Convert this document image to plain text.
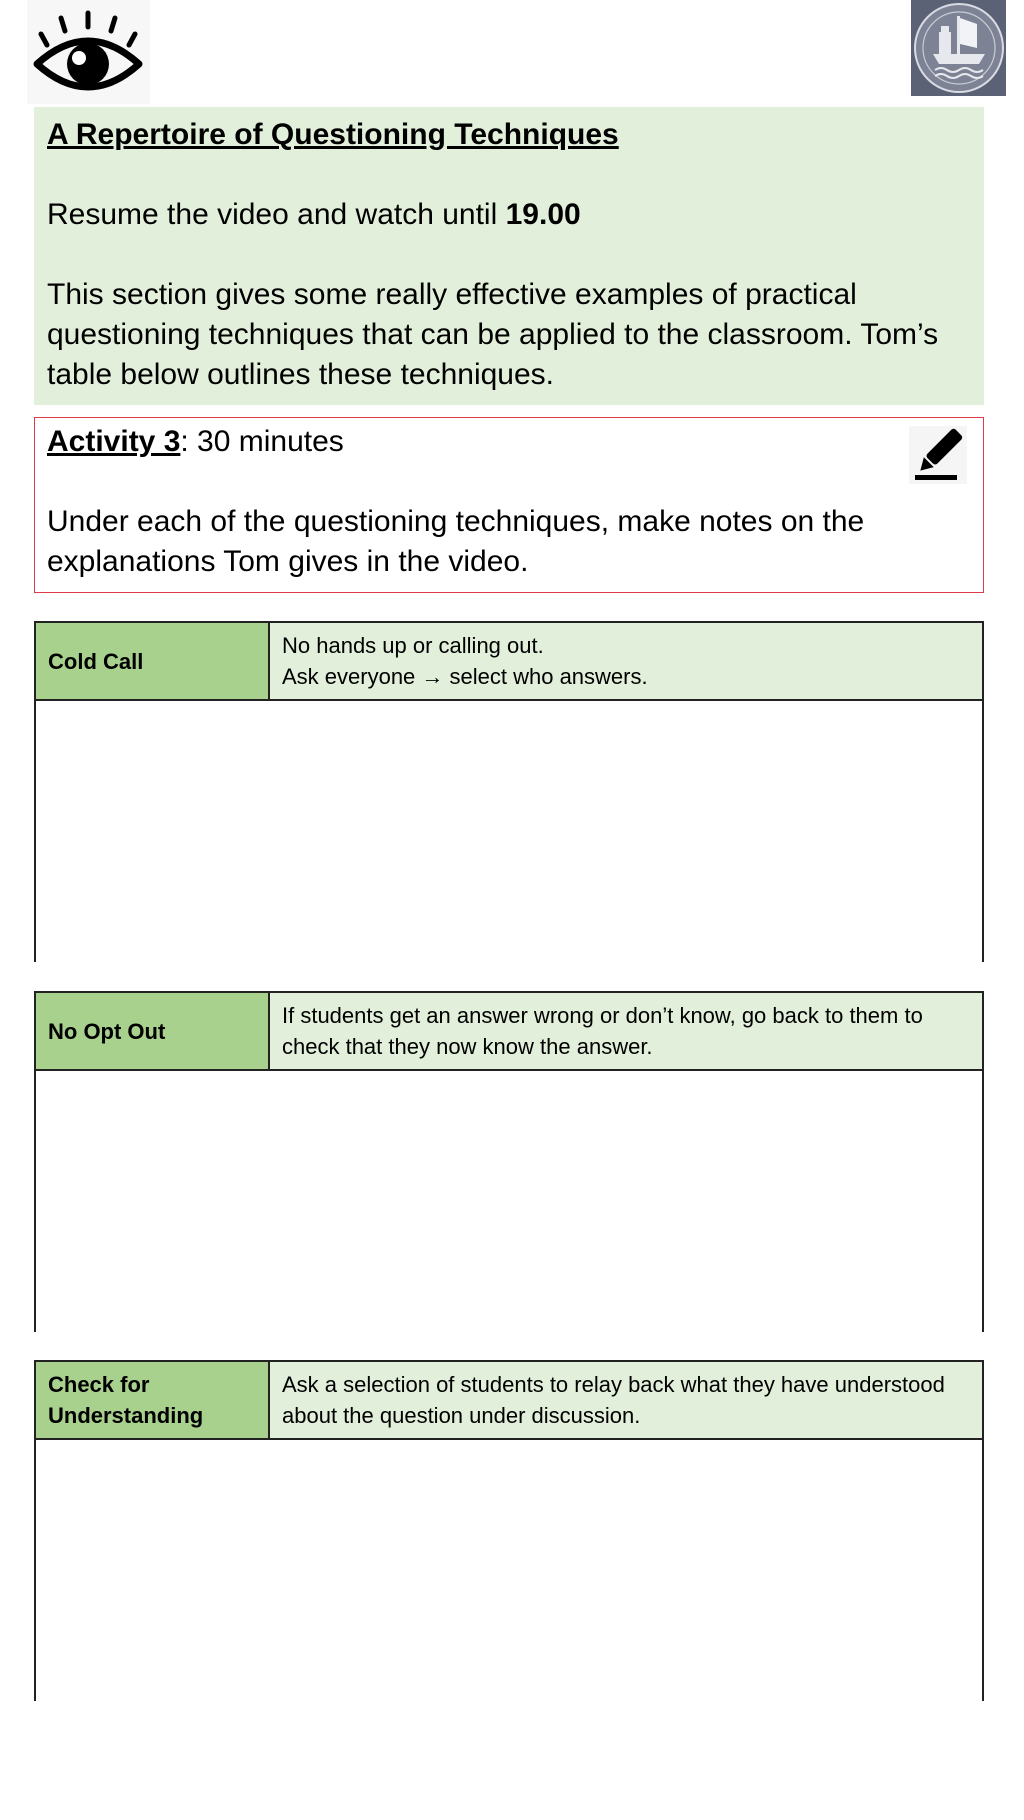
A Repertoire of Questioning Techniques

Resume the video and watch until 19.00

This section gives some really effective examples of practical questioning techniques that can be applied to the classroom. Tom’s table below outlines these techniques.

Activity 3: 30 minutes

Under each of the questioning techniques, make notes on the explanations Tom gives in the video.

Cold Call
No hands up or calling out.
Ask everyone → select who answers.
No Opt Out
If students get an answer wrong or don’t know, go back to them to check that they now know the answer.
Check for Understanding
Ask a selection of students to relay back what they have understood about the question under discussion.
